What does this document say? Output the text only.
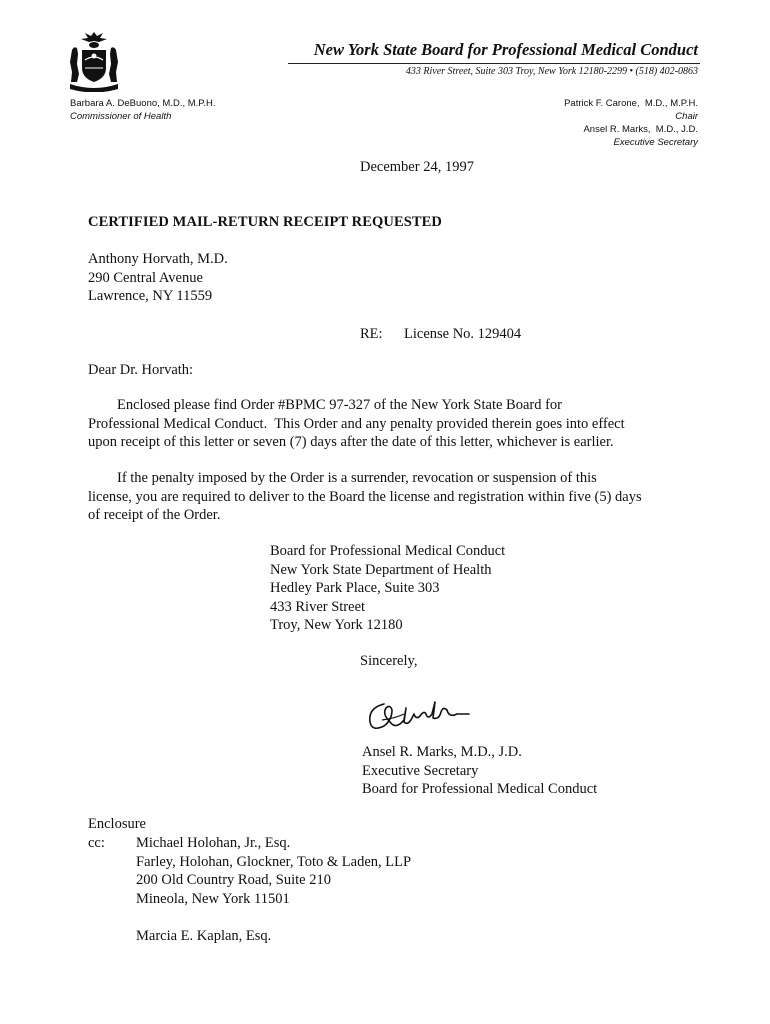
New York State Board for Professional Medical Conduct
433 River Street, Suite 303 Troy, New York 12180-2299 • (518) 402-0863
Barbara A. DeBuono, M.D., M.P.H.
Commissioner of Health
Patrick F. Carone,  M.D., M.P.H.
Chair
Ansel R. Marks,  M.D., J.D.
Executive Secretary
December 24, 1997
CERTIFIED MAIL-RETURN RECEIPT REQUESTED
Anthony Horvath, M.D.
290 Central Avenue
Lawrence, NY 11559
RE: License No. 129404
Dear Dr. Horvath:
Enclosed please find Order #BPMC 97-327 of the New York State Board for
Professional Medical Conduct.  This Order and any penalty provided therein goes into effect
upon receipt of this letter or seven (7) days after the date of this letter, whichever is earlier.
If the penalty imposed by the Order is a surrender, revocation or suspension of this
license, you are required to deliver to the Board the license and registration within five (5) days
of receipt of the Order.
Board for Professional Medical Conduct
New York State Department of Health
Hedley Park Place, Suite 303
433 River Street
Troy, New York 12180
Sincerely,
Ansel R. Marks, M.D., J.D.
Executive Secretary
Board for Professional Medical Conduct
Enclosure
cc: Michael Holohan, Jr., Esq.
Farley, Holohan, Glockner, Toto & Laden, LLP
200 Old Country Road, Suite 210
Mineola, New York 11501
Marcia E. Kaplan, Esq.
